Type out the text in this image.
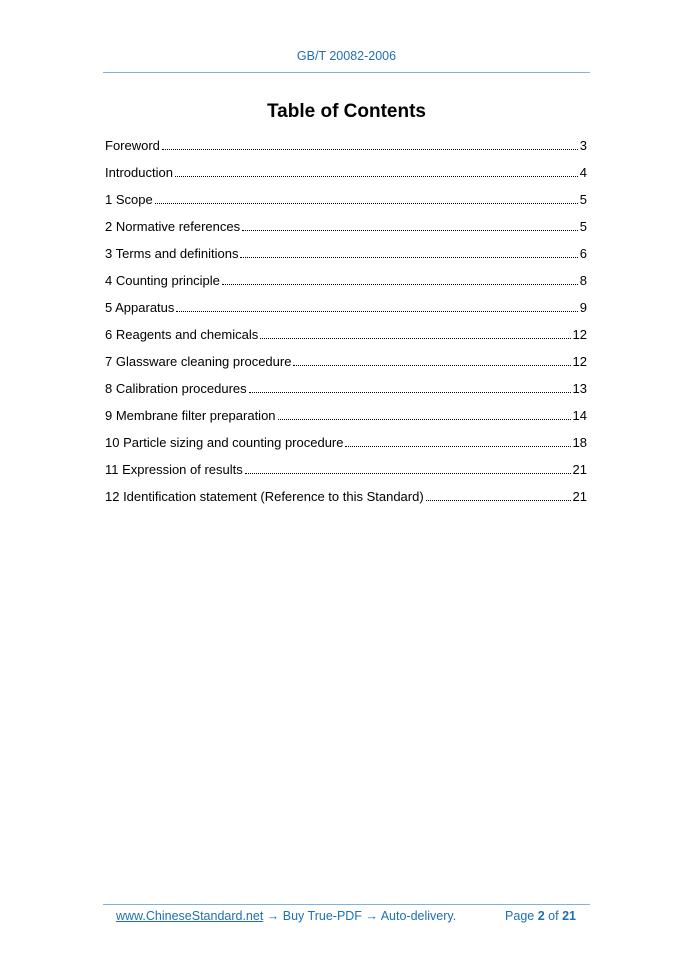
GB/T 20082-2006
Table of Contents
Foreword	3
Introduction	4
1 Scope	5
2 Normative references	5
3 Terms and definitions	6
4 Counting principle	8
5 Apparatus	9
6 Reagents and chemicals	12
7 Glassware cleaning procedure	12
8 Calibration procedures	13
9 Membrane filter preparation	14
10 Particle sizing and counting procedure	18
11 Expression of results	21
12 Identification statement (Reference to this Standard)	21
www.ChineseStandard.net → Buy True-PDF → Auto-delivery.	Page 2 of 21
